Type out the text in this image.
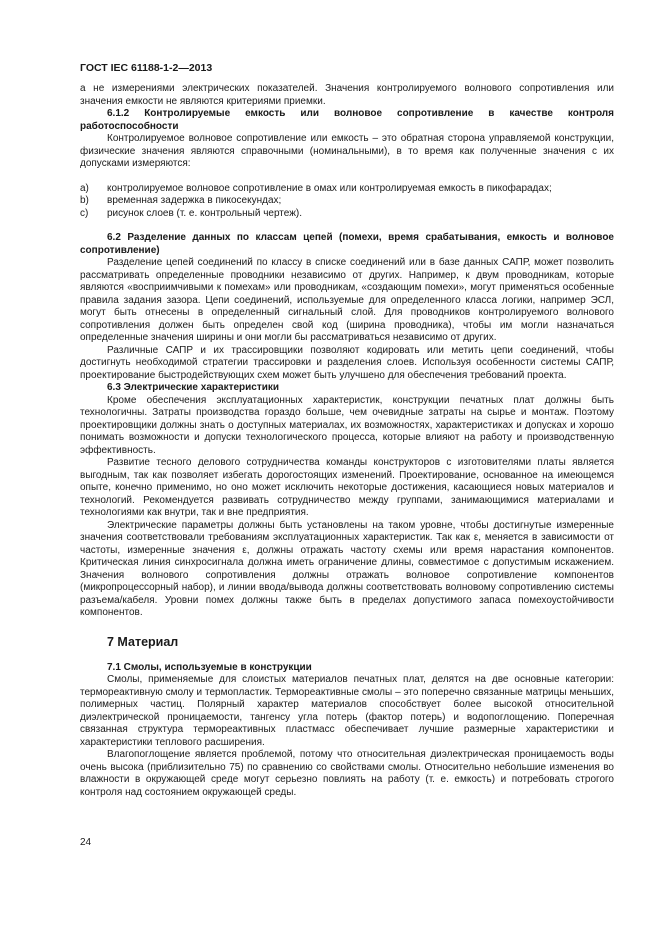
ГОСТ IEC 61188-1-2—2013

а не измерениями электрических показателей. Значения контролируемого волнового сопротивления или значения емкости не являются критериями приемки.

6.1.2 Контролируемые емкость или волновое сопротивление в качестве контроля работоспособности

Контролируемое волновое сопротивление или емкость – это обратная сторона управляемой конструкции, физические значения являются справочными (номинальными), в то время как полученные значения с их допусками измеряются:

а) контролируемое волновое сопротивление в омах или контролируемая емкость в пикофарадах;

b) временная задержка в пикосекундах;

с) рисунок слоев (т. е. контрольный чертеж).

6.2 Разделение данных по классам цепей (помехи, время срабатывания, емкость и волновое сопротивление)

Разделение цепей соединений по классу в списке соединений или в базе данных САПР, может позволить рассматривать определенные проводники независимо от других. Например, к двум проводникам, которые являются «восприимчивыми к помехам» или проводникам, «создающим помехи», могут применяться особенные правила задания зазора. Цепи соединений, используемые для определенного класса логики, например ЭСЛ, могут быть отнесены в определенный сигнальный слой. Для проводников контролируемого волнового сопротивления должен быть определен свой код (ширина проводника), чтобы им могли назначаться определенные значения ширины и они могли бы рассматриваться независимо от других.

Различные САПР и их трассировщики позволяют кодировать или метить цепи соединений, чтобы достигнуть необходимой стратегии трассировки и разделения слоев. Используя особенности системы САПР, проектирование быстродействующих схем может быть улучшено для обеспечения требований проекта.

6.3 Электрические характеристики

Кроме обеспечения эксплуатационных характеристик, конструкции печатных плат должны быть технологичны. Затраты производства гораздо больше, чем очевидные затраты на сырье и монтаж. Поэтому проектировщики должны знать о доступных материалах, их возможностях, характеристиках и допусках и хорошо понимать возможности и допуски технологического процесса, которые влияют на работу и производственную эффективность.

Развитие тесного делового сотрудничества команды конструкторов с изготовителями платы является выгодным, так как позволяет избегать дорогостоящих изменений. Проектирование, основанное на имеющемся опыте, конечно применимо, но оно может исключить некоторые достижения, касающиеся новых материалов и технологий. Рекомендуется развивать сотрудничество между группами, занимающимися материалами и технологиями как внутри, так и вне предприятия.

Электрические параметры должны быть установлены на таком уровне, чтобы достигнутые измеренные значения соответствовали требованиям эксплуатационных характеристик. Так как ε, меняется в зависимости от частоты, измеренные значения ε, должны отражать частоту схемы или время нарастания компонентов. Критическая линия синхросигнала должна иметь ограничение длины, совместимое с допустимым искажением. Значения волнового сопротивления должны отражать волновое сопротивление компонентов (микропроцессорный набор), и линии ввода/вывода должны соответствовать волновому сопротивлению системы разъема/кабеля. Уровни помех должны также быть в пределах допустимого запаса помехоустойчивости компонентов.

7 Материал

7.1 Смолы, используемые в конструкции

Смолы, применяемые для слоистых материалов печатных плат, делятся на две основные категории: термореактивную смолу и термопластик. Термореактивные смолы – это поперечно связанные матрицы меньших, полимерных частиц. Полярный характер материалов способствует более высокой относительной диэлектрической проницаемости, тангенсу угла потерь (фактор потерь) и водопоглощению. Поперечная связанная структура термореактивных пластмасс обеспечивает лучшие размерные характеристики и характеристики теплового расширения.

Влагопоглощение является проблемой, потому что относительная диэлектрическая проницаемость воды очень высока (приблизительно 75) по сравнению со свойствами смолы. Относительно небольшие изменения во влажности в окружающей среде могут серьезно повлиять на работу (т. е. емкость) и потребовать строгого контроля над состоянием окружающей среды.

24
